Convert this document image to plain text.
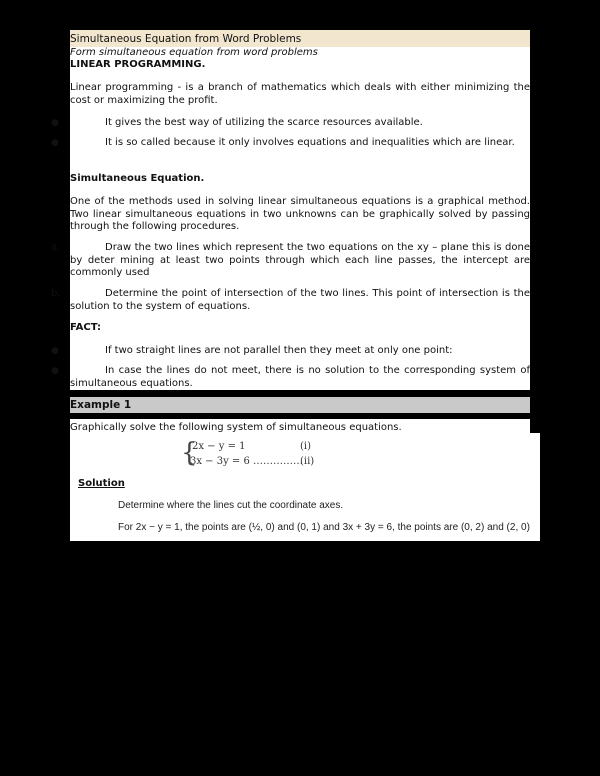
Simultaneous Equation from Word Problems
Form simultaneous equation from word problems
LINEAR PROGRAMMING.
Linear programming - is a branch of mathematics which deals with either minimizing the cost or maximizing the profit.
●	It gives the best way of utilizing the scarce resources available.
●	It is so called because it only involves equations and inequalities which are linear.
Simultaneous Equation.
One of the methods used in solving linear simultaneous equations is a graphical method. Two linear simultaneous equations in two unknowns can be graphically solved by passing through the following procedures.
a.	Draw the two lines which represent the two equations on the xy – plane this is done by deter mining at least two points through which each line passes, the intercept are commonly used
b.	Determine the point of intersection of the two lines. This point of intersection is the solution to the system of equations.
FACT:
●	If two straight lines are not parallel then they meet at only one point:
●	In case the lines do not meet, there is no solution to the corresponding system of simultaneous equations.
Example 1
Graphically solve the following system of simultaneous equations.
{
2x − y = 1	(i)
3x − 3y = 6 ……………
(ii)
Solution
Determine where the lines cut the coordinate axes.
For 2x − y = 1, the points are (½, 0) and (0, 1) and 3x + 3y = 6, the points are (0, 2) and (2, 0)
